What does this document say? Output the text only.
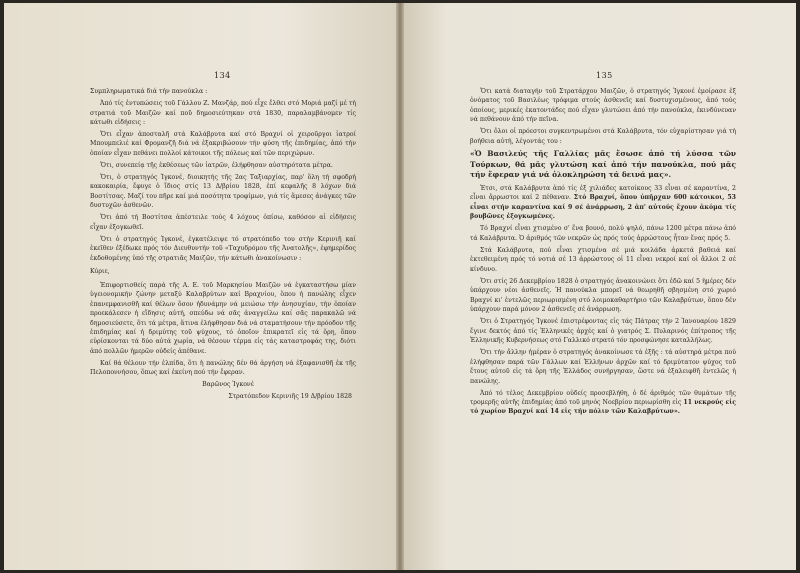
134

Συμπληρωματικά διά τήν πανούκλα :

Ἀπό τίς ἐντυπώσεις τοῦ Γάλλου Ζ. Μανζάρ, πού εἶχε ἔλθει στό Μοριά μαζί μέ τή στρατιά τοῦ Μαιζῶν καί ποῦ δημοσιεύτηκαν στά 1830, παραλαμβάνομεν τίς κάτωθι εἰδήσεις :

Ὅτι εἶχαν ἀποσταλῆ στά Καλάβρυτα καί στό Βραχνί οἱ χειροῦργοι ἰατροί Μπουμπελιέ καί Φρομανζῆ διά νά ἐξακριβώσουν τήν φύση τῆς ἐπιδημίας, ἀπό τήν ὁποίαν εἶχαν πεθάνει πολλοί κάτοικοι τῆς πόλεως καί τῶν περιχώρων.

Ὅτι, συνεπείᾳ τῆς ἐκθέσεως τῶν ἰατρῶν, ἐλήφθησαν αὐστηρότατα μέτρα.

Ὅτι, ὁ στρατηγός Ἰγκονέ, διοικητής τῆς 2ας Ταξιαρχίας, παρ' ὅλη τή σφοδρή κακοκαιρία, ἔφυγε ὁ ἴδιος στίς 13 Δ/βρίου 1828, ἐπί κεφαλῆς 8 λόχων διά Βοστίτσας. Μαζί του πῆρε καί μιά ποσότητα τροφίμων, γιά τίς ἄμεσες ἀνάγκες τῶν δυστυχῶν ἀσθενῶν.

Ὅτι ἀπό τή Βοστίτσα ἀπέστειλε τούς 4 λόχους ὀπίσω, καθόσον αἱ εἰδήσεις εἶχαν ἐξογκωθεῖ.

Ὅτι ὁ στρατηγός Ἰγκονέ, ἐγκατέλειψε τό στρατόπεδο του στήν Κερινιῆ καί ἐκεῖθεν ἐξέδωκε πρός τόν Διευθυντήν τοῦ «Ταχυδρόμου τῆς Ἀνατολῆς», ἐφημερίδος ἐκδοθομένης ὑπό τῆς στρατιᾶς Μαιζῶν, τήν κάτωθι ἀνακοίνωσιν :

Κύριε,

Ἐπιφορτισθείς παρά τῆς Α. Ε. τοῦ Μαρκησίου Μαιζῶν νά ἐγκαταστήσω μίαν ὑγειονομικήν ζώνην μεταξύ Καλαβρύτων καί Βραχνίου, ὅπου ἡ πανώλης εἶχεν ἐπανεμφανισθῆ καί θέλων ὅσον ἠδυνάμην νά μειώσω τήν ἀνησυχίαν, τήν ὁποίαν προεκάλεσεν ἡ εἴδησις αὐτή, σπεύδω νά σᾶς ἀναγγείλω καί σᾶς παρακαλῶ νά δημοσιεύσετε, ὅτι τά μέτρα, ἅτινα ἐλήφθησαν διά νά σταματήσουν τήν πρόοδον τῆς ἐπιδημίας καί ἡ δριμύτης τοῦ ψύχους, τό ὁποῖον ἐπικρατεῖ εἰς τά ὄρη, ὅπου εὑρίσκονται τά δύο αὐτά χωρία, νά θέσουν τέρμα εἰς τάς καταστροφάς της, διότι ἀπό πολλῶν ἡμερῶν οὐδείς ἀπέθανε.

Καί θά θέλουν τήν ἐλπίδα, ὅτι ἡ πανώλης δέν θά ἀργήση νά ἐξαφανισθῆ ἐκ τῆς Πελοποννήσου, ὅπως καί ἐκείνη πού τήν ἔφεραν.

Βαρῶνος Ἰγκονέ

Στρατόπεδον Κερινιῆς 19 Δ/βρίου 1828

135

Ὅτι κατά διαταγήν τοῦ Στρατάρχου Μαιζῶν, ὁ στρατηγός Ἰγκονέ ἐμοίρασε ἐξ ὀνόματος τοῦ Βασιλέως τρόφιμα στούς ἀσθενεῖς καί δυστυχισμένους, ἀπό τούς ὁποίους, μερικές ἑκατοντάδες πού εἶχαν γλυτώσει ἀπό τήν πανούκλα, ἐκινδύνευαν νά πεθάνουν ἀπό τήν πεῖνα.

Ὅτι ὅλοι οἱ πρόεστοι συγκεντρωμένοι στά Καλάβρυτα, τόν εὐχαρίστησαν γιά τή βοήθεια αὐτή, λέγοντάς του :

«Ὁ Βασιλεύς τῆς Γαλλίας μᾶς ἔσωσε ἀπό τή λύσσα τῶν Τούρκων, θά μᾶς γλυτώση καί ἀπό τήν πανούκλα, πού μᾶς τήν ἔφεραν γιά νά ὁλοκληρώση τά δεινά μας».

Ἐτσι, στά Καλάβρυτα ἀπό τίς ἐξ χιλιάδες κατοίκους 33 εἶναι σέ καραντίνα, 2 εἶναι ἄρρωστοι καί 2 πέθαναν. Στό Βραχνί, ὅπου ὑπῆρχαν 600 κάτοικοι, 53 εἶναι στήν καραντίνα καί 9 σέ ἀνάρρωση, 2 ἀπ' αὐτούς ἔχουν ἀκόμα τίς βουβῶνες ἐξογκωμένες.

Τό Βραχνί εἶναι χτισμένο σ' ἕνα βουνό, πολύ ψηλό, πάνω 1200 μέτρα πάνω ἀπό τά Καλάβρυτα. Ὁ ἀριθμός τῶν νεκρῶν ὡς πρός τούς ἀρρώστους ἦταν ἕνας πρός 5.

Στά Καλάβρυτα, πού εἶναι χτισμένα σέ μιά κοιλάδα ἀρκετά βαθειά καί ἐκτεθειμένη πρός τό νοτιά σέ 13 ἀρρώστους οἱ 11 εἶναι νεκροί καί οἱ ἄλλοι 2 σέ κίνδυνο.

Ὅτι στίς 26 Δεκεμβρίου 1828 ὁ στρατηγός ἀνακοινώνει ὅτι ἐδῶ καί 5 ἡμέρες δέν ὑπάρχουν νέοι ἀσθενεῖς. Ἡ πανούκλα μπορεῖ νά θεωρηθῆ σβησμένη στό χωριό Βραχνί κι' ἐντελῶς περιωρισμένη στό λοιμοκαθαρτήριο τῶν Καλαβρύτων, ὅπου δέν ὑπάρχουν παρά μόνον 2 ἀσθενεῖς σέ ἀνάρρωση.

Ὅτι ὁ Στρατηγός Ἰγκονέ ἐπιστρέφοντας εἰς τάς Πάτρας τήν 2 Ἰανουαρίου 1829 ἔγινε δεκτός ἀπό τίς Ἑλληνικές ἀρχές καί ὁ γιατρός Σ. Πυλαρινός ἐπίτροπος τῆς Ἑλληνικῆς Κυβερνήσεως στό Γαλλικό στρατό τόν προσφώνησε καταλλήλως.

Ὅτι τήν ἄλλην ἡμέραν ὁ στρατηγός ἀνακοίνωσε τά ἑξῆς : τά αὐστηρά μέτρα πού ἐλήφθησαν παρά τῶν Γάλλων καί Ἑλλήνων ἀρχῶν καί τό δριμύτατον ψύχος τοῦ ἔτους αὐτοῦ εἰς τά ὄρη τῆς Ἑλλάδος συνήργησαν, ὥστε νά ἐξαλειφθῆ ἐντελῶς ἡ πανώλης.

Ἀπό τό τέλος Δεκεμβρίου οὐδείς προσεβλήθη, ὁ δέ ἀριθμός τῶν θυμάτων τῆς τρομερῆς αὐτῆς ἐπιδημίας ἀπό τοῦ μηνός Νοεβρίου περιωρίσθη εἰς 11 νεκρούς εἰς τό χωρίον Βραχνί καί 14 εἰς τήν πόλιν τῶν Καλαβρύτων».
